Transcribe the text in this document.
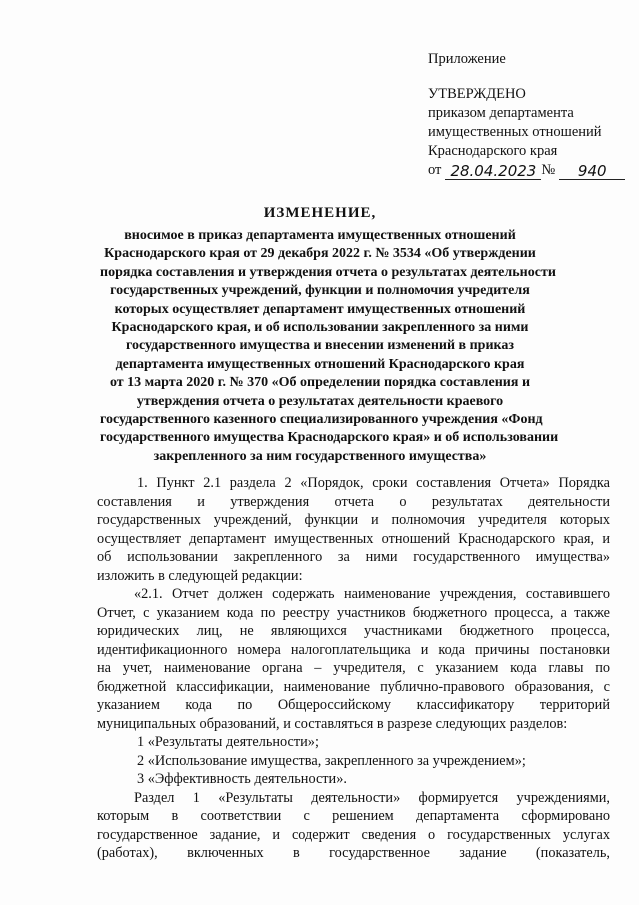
Приложение
УТВЕРЖДЕНО
приказом департамента
имущественных отношений
Краснодарского края
от 28.04.2023 №	940
ИЗМЕНЕНИЕ,
вносимое в приказ департамента имущественных отношений
Краснодарского края от 29 декабря 2022 г. № 3534 «Об утверждении
порядка составления и утверждения отчета о результатах деятельности
государственных учреждений, функции и полномочия учредителя
которых осуществляет департамент имущественных отношений
Краснодарского края, и об использовании закрепленного за ними
государственного имущества и внесении изменений в приказ
департамента имущественных отношений Краснодарского края
от 13 марта 2020 г. № 370 «Об определении порядка составления и
утверждения отчета о результатах деятельности краевого
государственного казенного специализированного учреждения «Фонд
государственного имущества Краснодарского края» и об использовании
закрепленного за ним государственного имущества»
1. Пункт 2.1 раздела 2 «Порядок, сроки составления Отчета» Порядка
составления и утверждения отчета о результатах деятельности
государственных учреждений, функции и полномочия учредителя которых
осуществляет департамент имущественных отношений Краснодарского края, и
об использовании закрепленного за ними государственного имущества»
изложить в следующей редакции:
«2.1. Отчет должен содержать наименование учреждения, составившего
Отчет, с указанием кода по реестру участников бюджетного процесса, а также
юридических лиц, не являющихся участниками бюджетного процесса,
идентификационного номера налогоплательщика и кода причины постановки
на учет, наименование органа – учредителя, с указанием кода главы по
бюджетной классификации, наименование публично-правового образования, с
указанием кода по Общероссийскому классификатору территорий
муниципальных образований, и составляться в разрезе следующих разделов:
1 «Результаты деятельности»;
2 «Использование имущества, закрепленного за учреждением»;
3 «Эффективность деятельности».
Раздел 1 «Результаты деятельности» формируется учреждениями,
которым в соответствии с решением департамента сформировано
государственное задание, и содержит сведения о государственных услугах
(работах), включенных в государственное задание (показатель,
